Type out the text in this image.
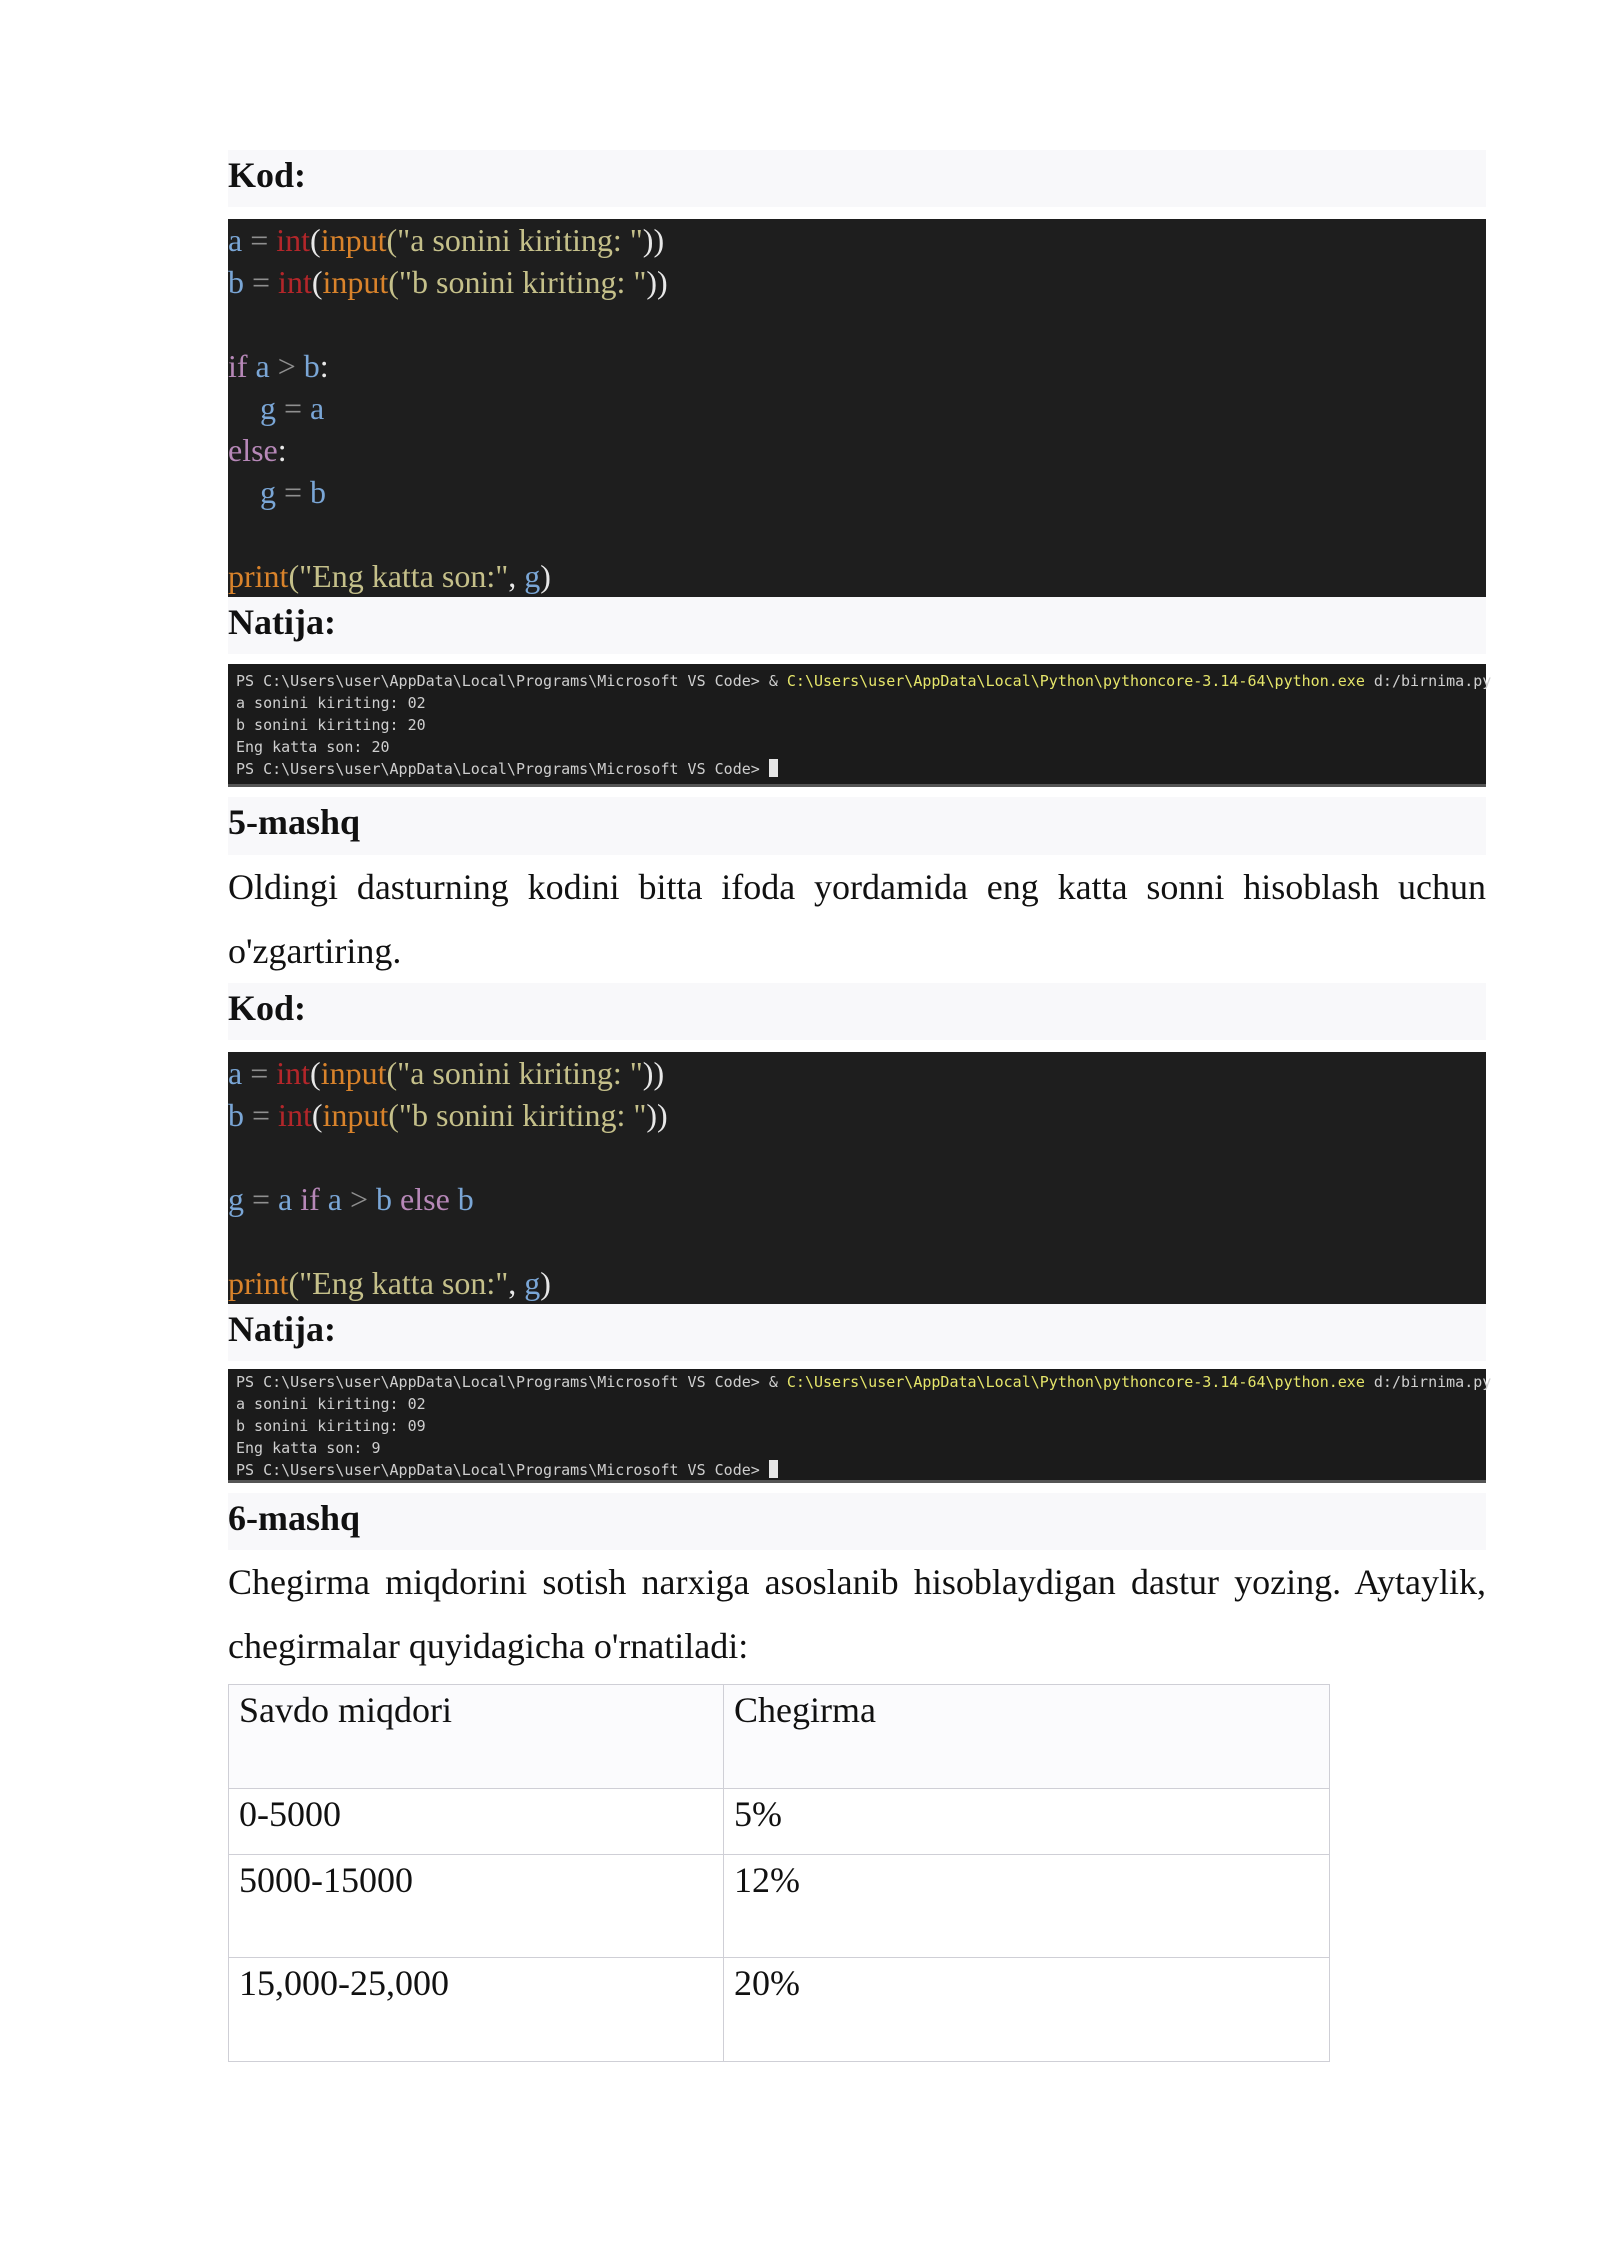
Kod:

a = int(input("a sonini kiriting: "))
b = int(input("b sonini kiriting: "))
if a > b:
g = a
else:
g = b
print("Eng katta son:", g)

Natija:

PS C:\Users\user\AppData\Local\Programs\Microsoft VS Code> & C:\Users\user\AppData\Local\Python\pythoncore-3.14-64\python.exe d:/birnima.py
a sonini kiriting: 02
b sonini kiriting: 20
Eng katta son: 20
PS C:\Users\user\AppData\Local\Programs\Microsoft VS Code>

5-mashq

Oldingi dasturning kodini bitta ifoda yordamida eng katta sonni hisoblash uchun o'zgartiring.

Kod:

a = int(input("a sonini kiriting: "))
b = int(input("b sonini kiriting: "))
g = a if a > b else b
print("Eng katta son:", g)

Natija:

PS C:\Users\user\AppData\Local\Programs\Microsoft VS Code> & C:\Users\user\AppData\Local\Python\pythoncore-3.14-64\python.exe d:/birnima.py
a sonini kiriting: 02
b sonini kiriting: 09
Eng katta son: 9
PS C:\Users\user\AppData\Local\Programs\Microsoft VS Code>

6-mashq

Chegirma miqdorini sotish narxiga asoslanib hisoblaydigan dastur yozing. Aytaylik, chegirmalar quyidagicha o'rnatiladi:

Savdo miqdori	Chegirma
0-5000	5%
5000-15000	12%
15,000-25,000	20%
